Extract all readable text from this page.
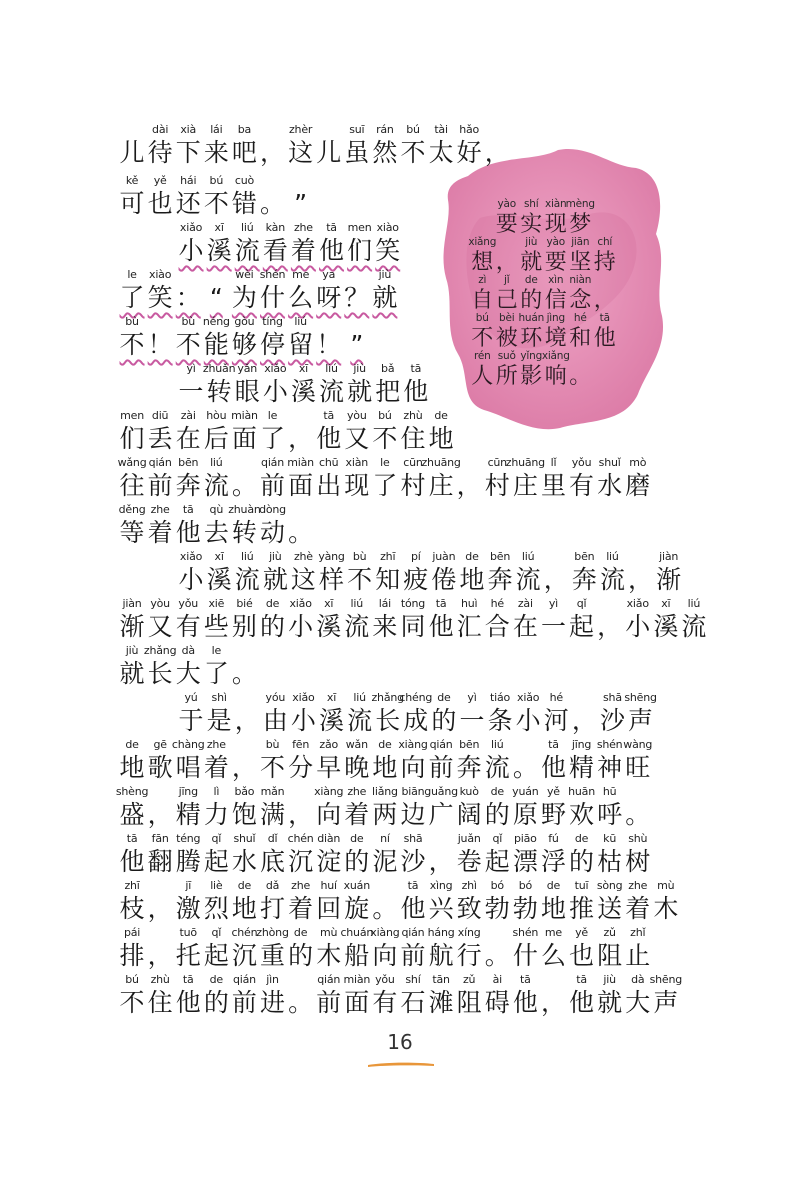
儿
dài
待
xià
下
lái
来
ba
吧 ，
zhèr
这 儿
suī
虽
rán
然
bú
不
tài
太
hǎo
好 ，
kě
可
yě
也
hái
还
bú
不
cuò
错 。 ”
xiǎo
小
xī
溪
liú
流
kàn
看
zhe
着
tā
他
men
们
xiào
笑
le
了
xiào
笑 ： “
wèi
为
shén
什
me
么
ya
呀 ？
jiù
就
bù
不 ！
bù
不
néng
能
gòu
够
tíng
停
liú
留 ！ ”
yì
一
zhuǎn
转
yǎn
眼
xiǎo
小
xī
溪
liú
流
jiù
就
bǎ
把
tā
他
men
们
diū
丢
zài
在
hòu
后
miàn
面
le
了 ，
tā
他
yòu
又
bú
不
zhù
住
de
地
wǎng
往
qián
前
bēn
奔
liú
流 。
qián
前
miàn
面
chū
出
xiàn
现
le
了
cūn
村
zhuāng
庄 ，
cūn
村
zhuāng
庄
lǐ
里
yǒu
有
shuǐ
水
mò
磨
děng
等
zhe
着
tā
他
qù
去
zhuàn
转
dòng
动 。
xiǎo
小
xī
溪
liú
流
jiù
就
zhè
这
yàng
样
bù
不
zhī
知
pí
疲
juàn
倦
de
地
bēn
奔
liú
流 ，
bēn
奔
liú
流 ，
jiàn
渐
jiàn
渐
yòu
又
yǒu
有
xiē
些
bié
别
de
的
xiǎo
小
xī
溪
liú
流
lái
来
tóng
同
tā
他
huì
汇
hé
合
zài
在
yì
一
qǐ
起 ，
xiǎo
小
xī
溪
liú
流
jiù
就
zhǎng
长
dà
大
le
了 。
yú
于
shì
是 ，
yóu
由
xiǎo
小
xī
溪
liú
流
zhǎng
长
chéng
成
de
的
yì
一
tiáo
条
xiǎo
小
hé
河 ，
shā
沙
shēng
声
de
地
gē
歌
chàng
唱
zhe
着 ，
bù
不
fēn
分
zǎo
早
wǎn
晚
de
地
xiàng
向
qián
前
bēn
奔
liú
流 。
tā
他
jīng
精
shén
神
wàng
旺
shèng
盛 ，
jīng
精
lì
力
bǎo
饱
mǎn
满 ，
xiàng
向
zhe
着
liǎng
两
biān
边
guǎng
广
kuò
阔
de
的
yuán
原
yě
野
huān
欢
hū
呼 。
tā
他
fān
翻
téng
腾
qǐ
起
shuǐ
水
dǐ
底
chén
沉
diàn
淀
de
的
ní
泥
shā
沙 ，
juǎn
卷
qǐ
起
piāo
漂
fú
浮
de
的
kū
枯
shù
树
zhī
枝 ，
jī
激
liè
烈
de
地
dǎ
打
zhe
着
huí
回
xuán
旋 。
tā
他
xìng
兴
zhì
致
bó
勃
bó
勃
de
地
tuī
推
sòng
送
zhe
着
mù
木
pái
排 ，
tuō
托
qǐ
起
chén
沉
zhòng
重
de
的
mù
木
chuán
船
xiàng
向
qián
前
háng
航
xíng
行 。
shén
什
me
么
yě
也
zǔ
阻
zhǐ
止
bú
不
zhù
住
tā
他
de
的
qián
前
jìn
进 。
qián
前
miàn
面
yǒu
有
shí
石
tān
滩
zǔ
阻
ài
碍
tā
他 ，
tā
他
jiù
就
dà
大
shēng
声
yào
要
shí
实
xiàn
现
mèng
梦
xiǎng
想 ，
jiù
就
yào
要
jiān
坚
chí
持
zì
自
jǐ
己
de
的
xìn
信
niàn
念 ，
bú
不
bèi
被
huán
环
jìng
境
hé
和
tā
他
rén
人
suǒ
所
yǐng
影
xiǎng
响 。
16
